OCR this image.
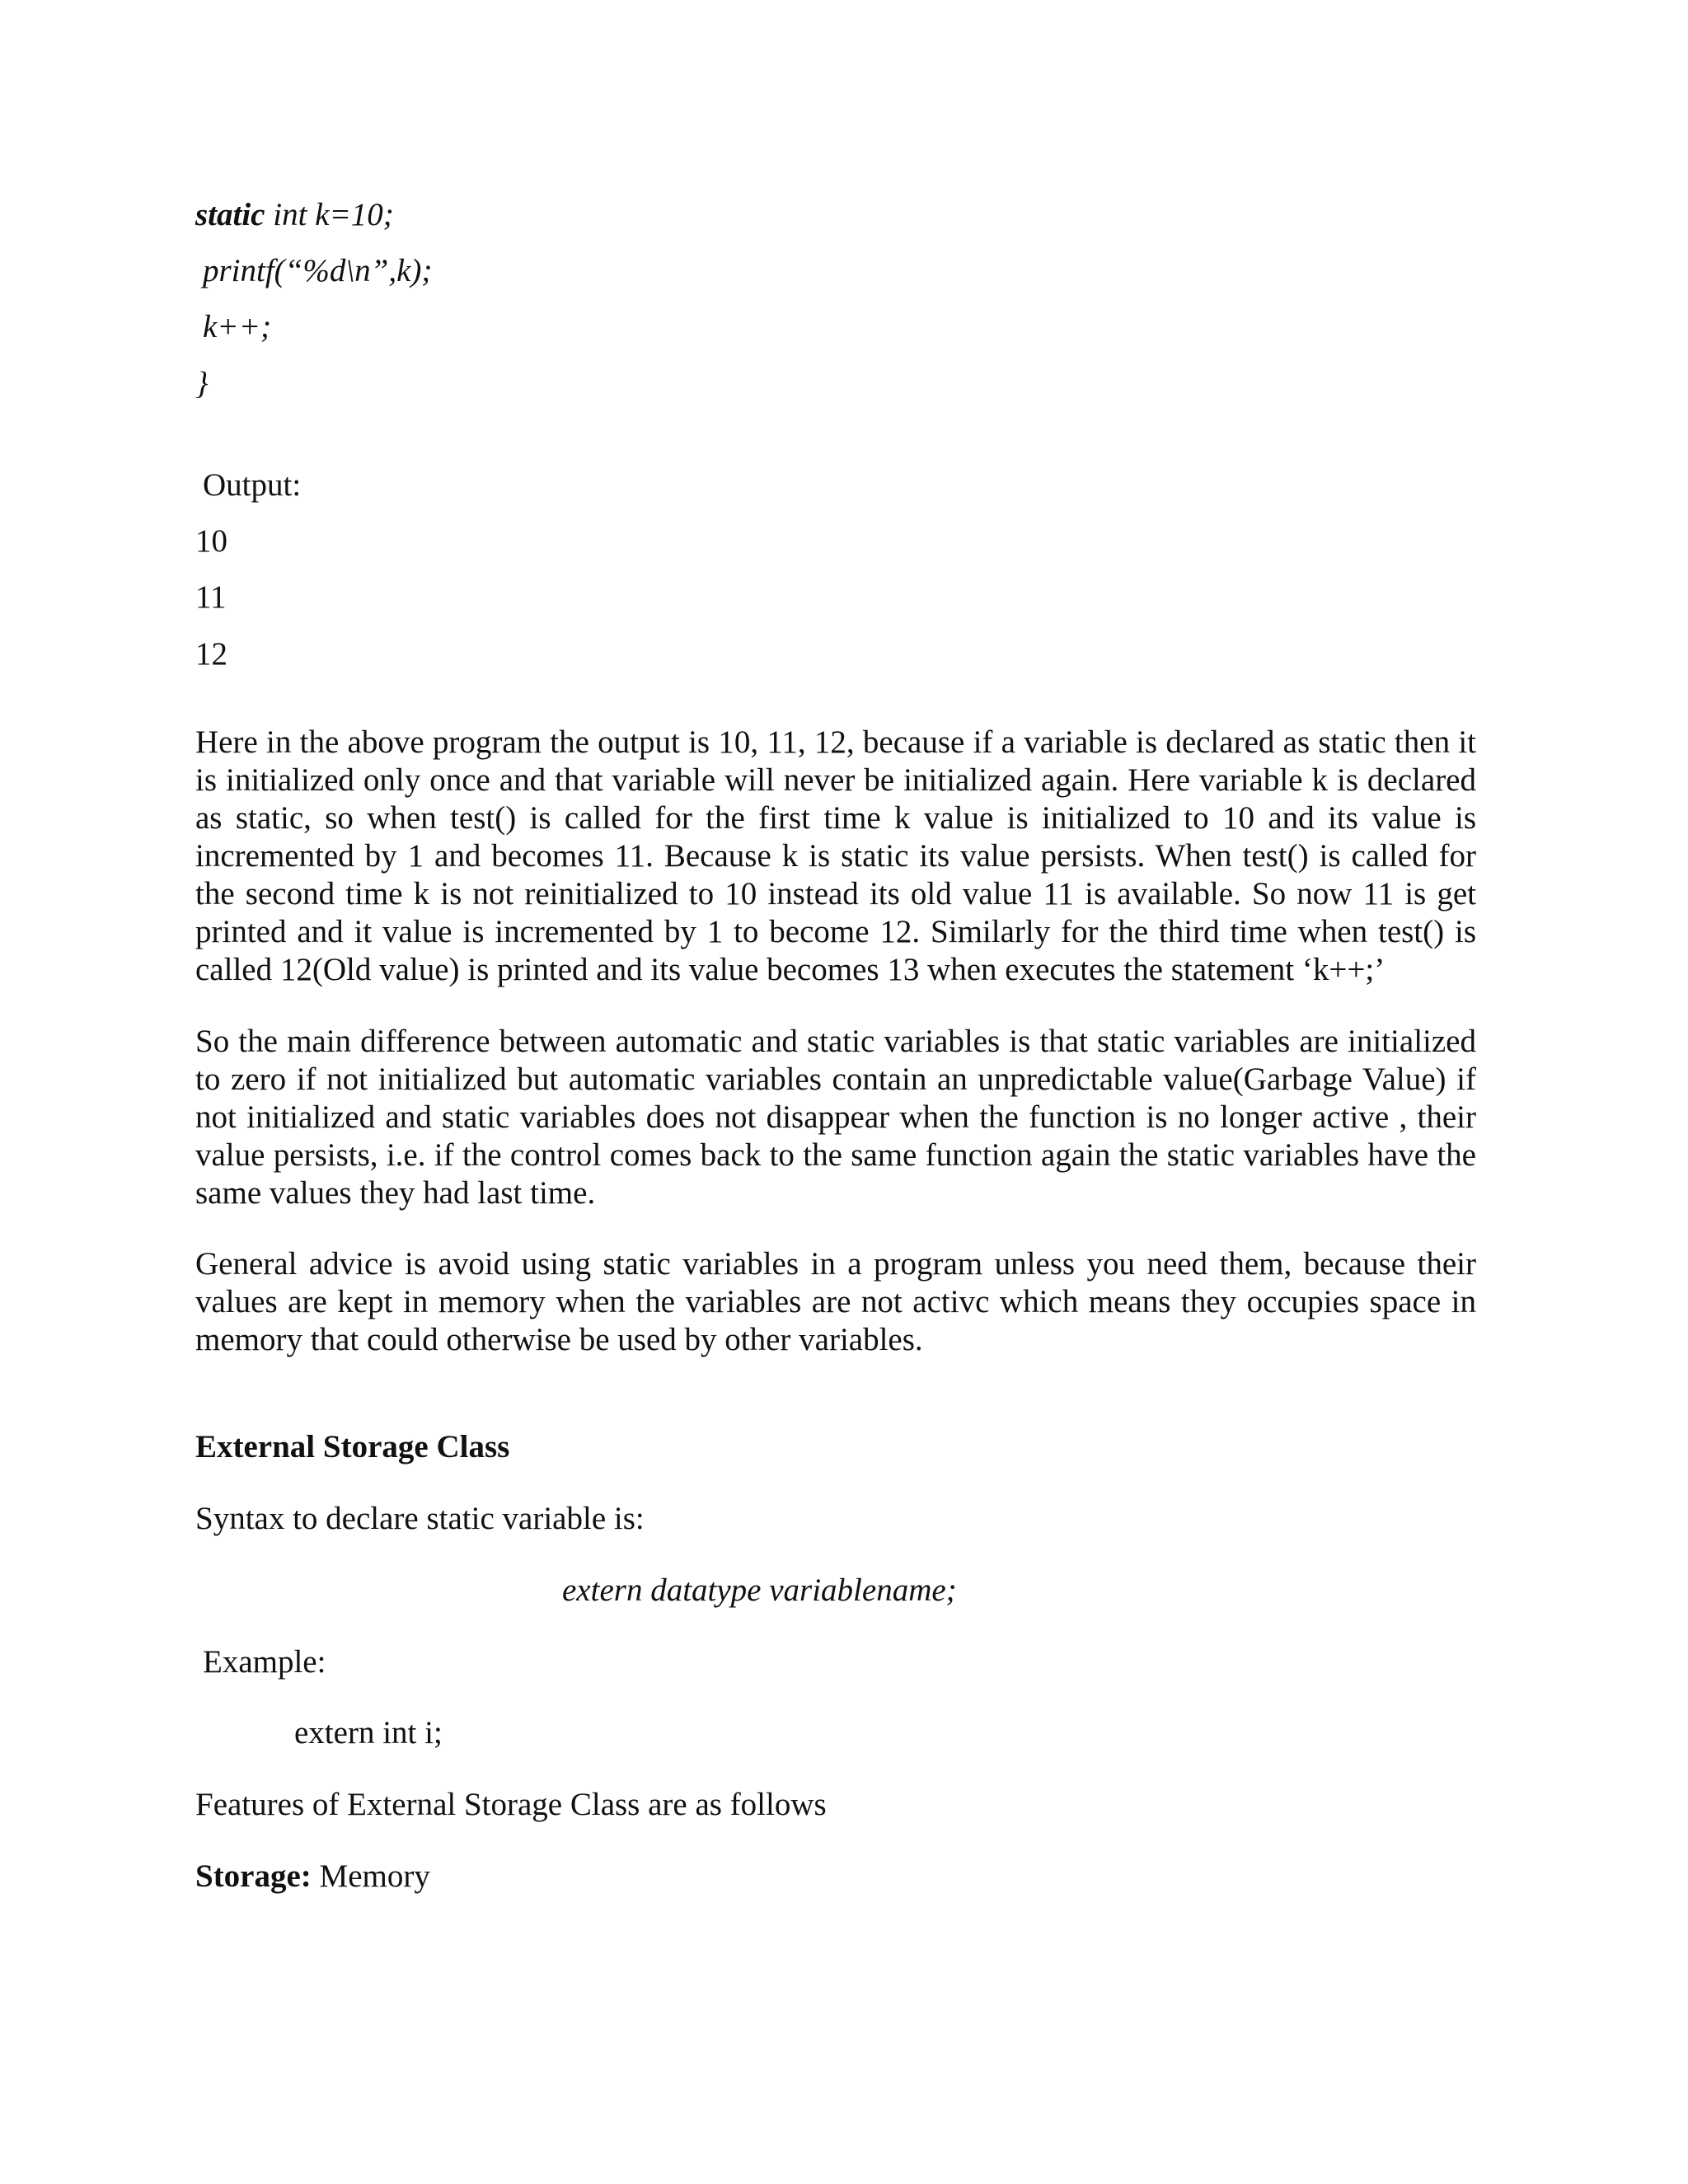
static int k=10;
printf(“%d\n”,k);
k++;
}
Output:
10
11
12

Here in the above program the output is 10, 11, 12, because if a variable is declared as static then it is initialized only once and that variable will never be initialized again. Here variable k is declared as static, so when test() is called for the first time k value is initialized to 10 and its value is incremented by 1 and becomes 11. Because k is static its value persists. When test() is called for the second time k is not reinitialized to 10 instead its old value 11 is available. So now 11 is get printed and it value is incremented by 1 to become 12. Similarly for the third time when test() is called 12(Old value) is printed and its value becomes 13 when executes the statement ‘k++;’

So the main difference between automatic and static variables is that static variables are initialized to zero if not initialized but automatic variables contain an unpredictable value(Garbage Value) if not initialized and static variables does not disappear when the function is no longer active , their value persists, i.e. if the control comes back to the same function again the static variables have the same values they had last time.

General advice is avoid using static variables in a program unless you need them, because their values are kept in memory when the variables are not activc which means they occupies space in memory that could otherwise be used by other variables.

External Storage Class
Syntax to declare static variable is:
extern datatype variablename;
Example:
extern int i;
Features of External Storage Class are as follows
Storage: Memory
